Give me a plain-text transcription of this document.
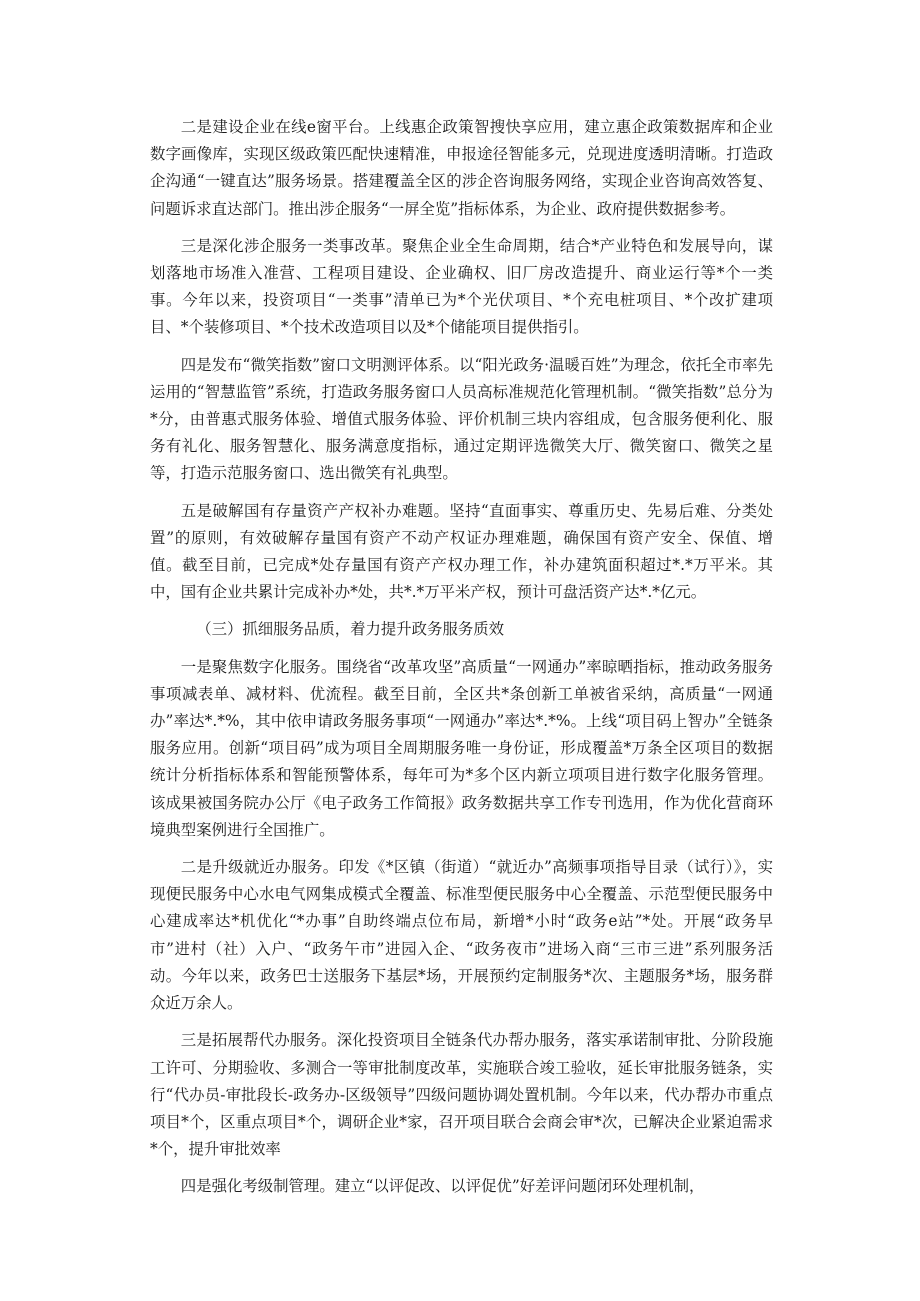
二是建设企业在线e窗平台。上线惠企政策智搜快享应用，建立惠企政策数据库和企业数字画像库，实现区级政策匹配快速精准，申报途径智能多元，兑现进度透明清晰。打造政企沟通“一键直达”服务场景。搭建覆盖全区的涉企咨询服务网络，实现企业咨询高效答复、问题诉求直达部门。推出涉企服务“一屏全览”指标体系，为企业、政府提供数据参考。

三是深化涉企服务一类事改革。聚焦企业全生命周期，结合*产业特色和发展导向，谋划落地市场准入准营、工程项目建设、企业确权、旧厂房改造提升、商业运行等*个一类事。今年以来，投资项目“一类事”清单已为*个光伏项目、*个充电桩项目、*个改扩建项目、*个装修项目、*个技术改造项目以及*个储能项目提供指引。

四是发布“微笑指数”窗口文明测评体系。以“阳光政务·温暖百姓”为理念，依托全市率先运用的“智慧监管”系统，打造政务服务窗口人员高标准规范化管理机制。“微笑指数”总分为*分，由普惠式服务体验、增值式服务体验、评价机制三块内容组成，包含服务便利化、服务有礼化、服务智慧化、服务满意度指标，通过定期评选微笑大厅、微笑窗口、微笑之星等，打造示范服务窗口、选出微笑有礼典型。

五是破解国有存量资产产权补办难题。坚持“直面事实、尊重历史、先易后难、分类处置”的原则，有效破解存量国有资产不动产权证办理难题，确保国有资产安全、保值、增值。截至目前，已完成*处存量国有资产产权办理工作，补办建筑面积超过*.*万平米。其中，国有企业共累计完成补办*处，共*.*万平米产权，预计可盘活资产达*.*亿元。

（三）抓细服务品质，着力提升政务服务质效

一是聚焦数字化服务。围绕省“改革攻坚”高质量“一网通办”率晾晒指标，推动政务服务事项减表单、减材料、优流程。截至目前，全区共*条创新工单被省采纳，高质量“一网通办”率达*.*%，其中依申请政务服务事项“一网通办”率达*.*%。上线“项目码上智办”全链条服务应用。创新“项目码”成为项目全周期服务唯一身份证，形成覆盖*万条全区项目的数据统计分析指标体系和智能预警体系，每年可为*多个区内新立项项目进行数字化服务管理。该成果被国务院办公厅《电子政务工作简报》政务数据共享工作专刊选用，作为优化营商环境典型案例进行全国推广。

二是升级就近办服务。印发《*区镇（街道）“就近办”高频事项指导目录（试行）》，实现便民服务中心水电气网集成模式全覆盖、标准型便民服务中心全覆盖、示范型便民服务中心建成率达*机优化“*办事”自助终端点位布局，新增*小时“政务e站”*处。开展“政务早市”进村（社）入户、“政务午市”进园入企、“政务夜市”进场入商“三市三进”系列服务活动。今年以来，政务巴士送服务下基层*场，开展预约定制服务*次、主题服务*场，服务群众近万余人。

三是拓展帮代办服务。深化投资项目全链条代办帮办服务，落实承诺制审批、分阶段施工许可、分期验收、多测合一等审批制度改革，实施联合竣工验收，延长审批服务链条，实行“代办员-审批段长-政务办-区级领导”四级问题协调处置机制。今年以来，代办帮办市重点项目*个，区重点项目*个，调研企业*家，召开项目联合会商会审*次，已解决企业紧迫需求*个，提升审批效率

四是强化考级制管理。建立“以评促改、以评促优”好差评问题闭环处理机制，
